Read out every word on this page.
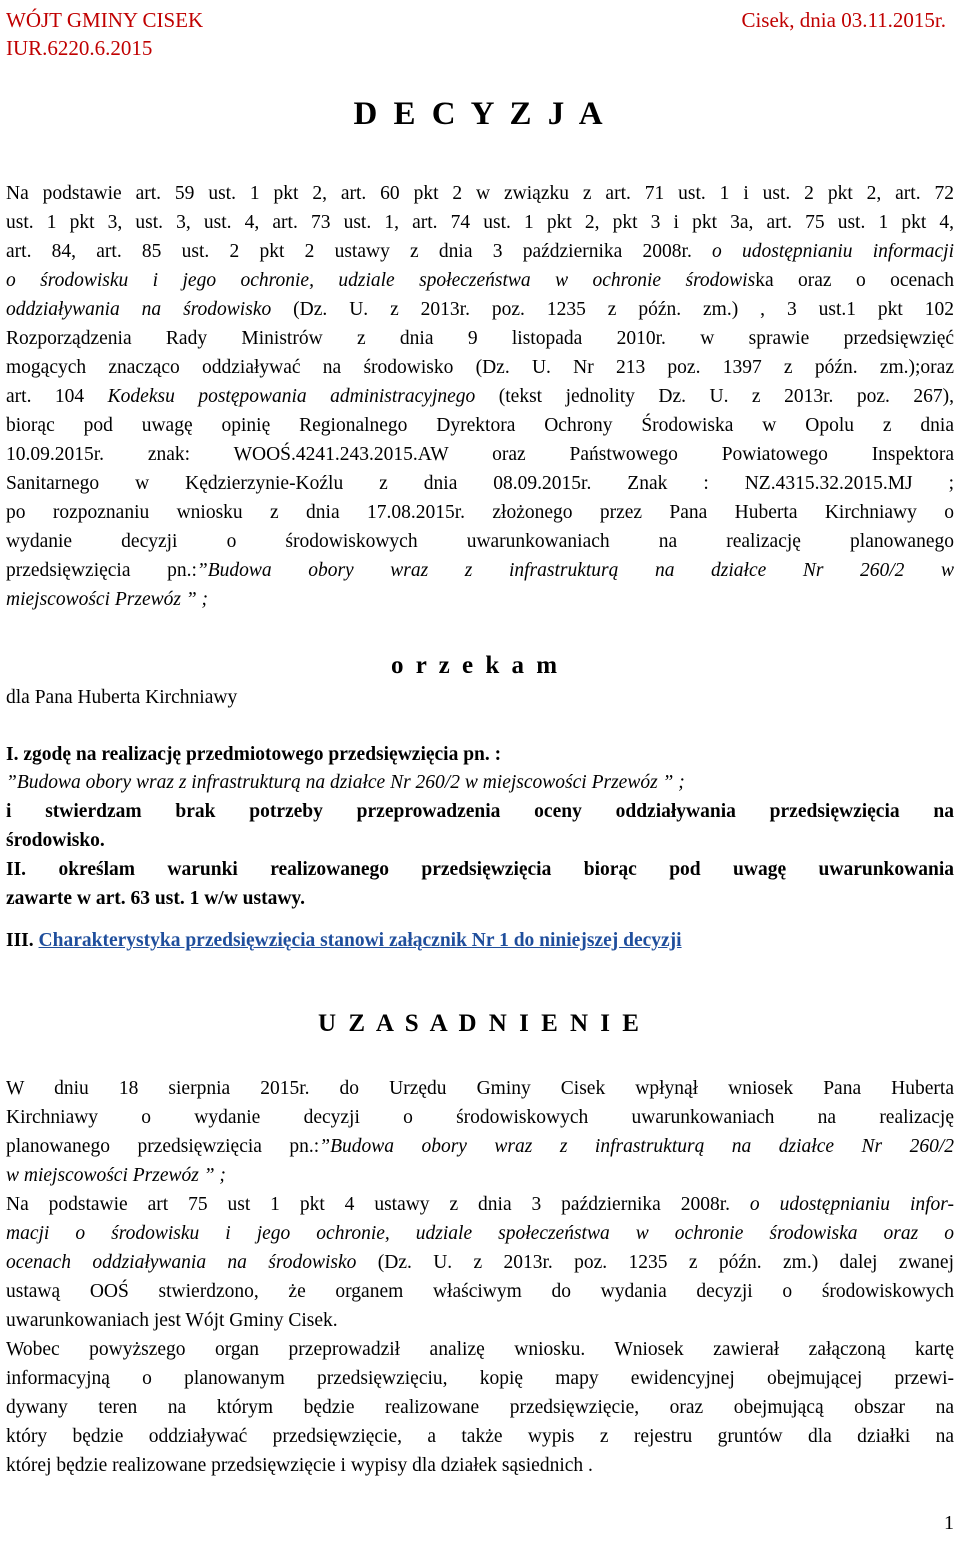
WÓJT GMINY CISEK	Cisek, dnia 03.11.2015r.
IUR.6220.6.2015
D E C Y Z J A
Na podstawie art. 59 ust. 1 pkt 2, art. 60 pkt 2 w związku z art. 71 ust. 1 i ust. 2 pkt 2, art. 72
ust. 1 pkt 3, ust. 3, ust. 4, art. 73 ust. 1, art. 74 ust. 1 pkt 2, pkt 3 i pkt 3a, art. 75 ust. 1 pkt 4,
art. 84, art. 85 ust. 2 pkt 2 ustawy z dnia 3 października 2008r. o udostępnianiu informacji
o środowisku i jego ochronie, udziale społeczeństwa w ochronie środowiska oraz o ocenach
oddziaływania na środowisko (Dz. U. z 2013r. poz. 1235 z późn. zm.) , 3 ust.1 pkt 102
Rozporządzenia Rady Ministrów z dnia 9 listopada 2010r. w sprawie przedsięwzięć
mogących znacząco oddziaływać na środowisko (Dz. U. Nr 213 poz. 1397 z późn. zm.);oraz
art. 104 Kodeksu postępowania administracyjnego (tekst jednolity Dz. U. z 2013r. poz. 267),
biorąc pod uwagę opinię Regionalnego Dyrektora Ochrony Środowiska w Opolu z dnia
10.09.2015r. znak: WOOŚ.4241.243.2015.AW oraz Państwowego Powiatowego Inspektora
Sanitarnego w Kędzierzynie-Koźlu z dnia 08.09.2015r. Znak : NZ.4315.32.2015.MJ ;
po rozpoznaniu wniosku z dnia 17.08.2015r. złożonego przez Pana Huberta Kirchniawy o
wydanie decyzji o środowiskowych uwarunkowaniach na realizację planowanego
przedsięwzięcia pn.:”Budowa obory wraz z infrastrukturą na działce Nr 260/2 w
miejscowości Przewóz ” ;
o r z e k a m
dla Pana Huberta Kirchniawy
I. zgodę na realizację przedmiotowego przedsięwzięcia pn. :
”Budowa obory wraz z infrastrukturą na działce Nr 260/2 w miejscowości Przewóz ” ;
i stwierdzam brak potrzeby przeprowadzenia oceny oddziaływania przedsięwzięcia na
środowisko.
II. określam warunki realizowanego przedsięwzięcia biorąc pod uwagę uwarunkowania
zawarte w art. 63 ust. 1 w/w ustawy.
III. Charakterystyka przedsięwzięcia stanowi załącznik Nr 1 do niniejszej decyzji
U Z A S A D N I E N I E
W dniu 18 sierpnia 2015r. do Urzędu Gminy Cisek wpłynął wniosek Pana Huberta
Kirchniawy o wydanie decyzji o środowiskowych uwarunkowaniach na realizację
planowanego przedsięwzięcia pn.:”Budowa obory wraz z infrastrukturą na działce Nr 260/2
w miejscowości Przewóz ” ;
Na podstawie art 75 ust 1 pkt 4 ustawy z dnia 3 października 2008r. o udostępnianiu infor-
macji o środowisku i jego ochronie, udziale społeczeństwa w ochronie środowiska oraz o
ocenach oddziaływania na środowisko (Dz. U. z 2013r. poz. 1235 z późn. zm.) dalej zwanej
ustawą OOŚ stwierdzono, że organem właściwym do wydania decyzji o środowiskowych
uwarunkowaniach jest Wójt Gminy Cisek.
Wobec powyższego organ przeprowadził analizę wniosku. Wniosek zawierał załączoną kartę
informacyjną o planowanym przedsięwzięciu, kopię mapy ewidencyjnej obejmującej przewi-
dywany teren na którym będzie realizowane przedsięwzięcie, oraz obejmującą obszar na
który będzie oddziaływać przedsięwzięcie, a także wypis z rejestru gruntów dla działki na
której będzie realizowane przedsięwzięcie i wypisy dla działek sąsiednich .
1
